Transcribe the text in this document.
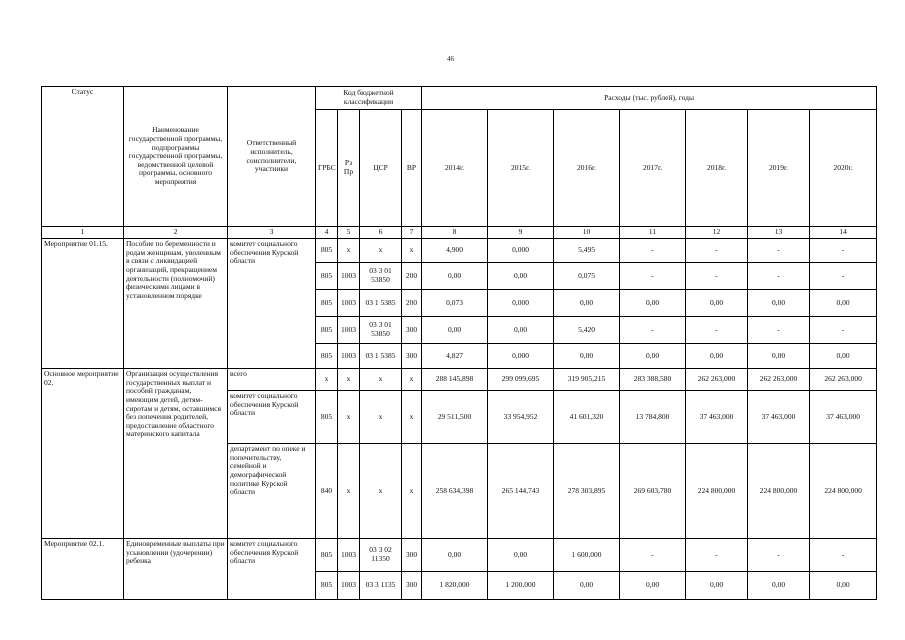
46
Статус	Наименование государственной программы, подпрограммы государственной программы, ведомственной целевой программы, основного мероприятия	Ответственный исполнитель, соисполнители, участники	Код бюджетной классификации				Расходы (тыс. рублей), годы						
			ГРБС	Рз Пр	ЦСР	ВР	2014г.	2015г.	2016г.	2017г.	2018г.	2019г.	2020г.
1	2	3	4	5	6	7	8	9	10	11	12	13	14
Мероприятие 01.15.	Пособие по беременности и родам женщинам, уволенным в связи с ликвидацией организаций, прекращением деятельности (полномочий) физическими лицами в установленном порядке	комитет социального обеспечения Курской области	805	х	х	х	4,900	0,000	5,495	-	-	-	-
			805	1003	03 3 01 53850	200	0,00	0,00	0,075	-	-	-	-
			805	1003	03 1 5385	200	0,073	0,000	0,00	0,00	0,00	0,00	0,00
			805	1003	03 3 01 53850	300	0,00	0,00	5,420	-	-	-	-
			805	1003	03 1 5385	300	4,827	0,000	0,00	0,00	0,00	0,00	0,00
Основное мероприятие 02.	Организация осуществления государственных выплат и пособий гражданам, имеющим детей, детям-сиротам и детям, оставшимся без попечения родителей, предоставление областного материнского капитала	всего	х	х	х	х	288 145,898	299 099,695	319 905,215	283 388,580	262 263,000	262 263,000	262 263,000
		комитет социального обеспечения Курской области	805	х	х	х	29 511,500	33 954,952	41 601,320	13 784,800	37 463,000	37 463,000	37 463,000
		департамент по опеке и попечительству, семейной и демографической политике Курской области	840	х	х	х	258 634,398	265 144,743	278 303,895	269 603,780	224 800,000	224 800,000	224 800,000
Мероприятие 02.1.	Единовременные выплаты при усыновлении (удочерении) ребенка	комитет социального обеспечения Курской области	805	1003	03 3 02 11350	300	0,00	0,00	1 600,000	-	-	-	-
			805	1003	03 3 1135	300	1 820,000	1 200,000	0,00	0,00	0,00	0,00	0,00
